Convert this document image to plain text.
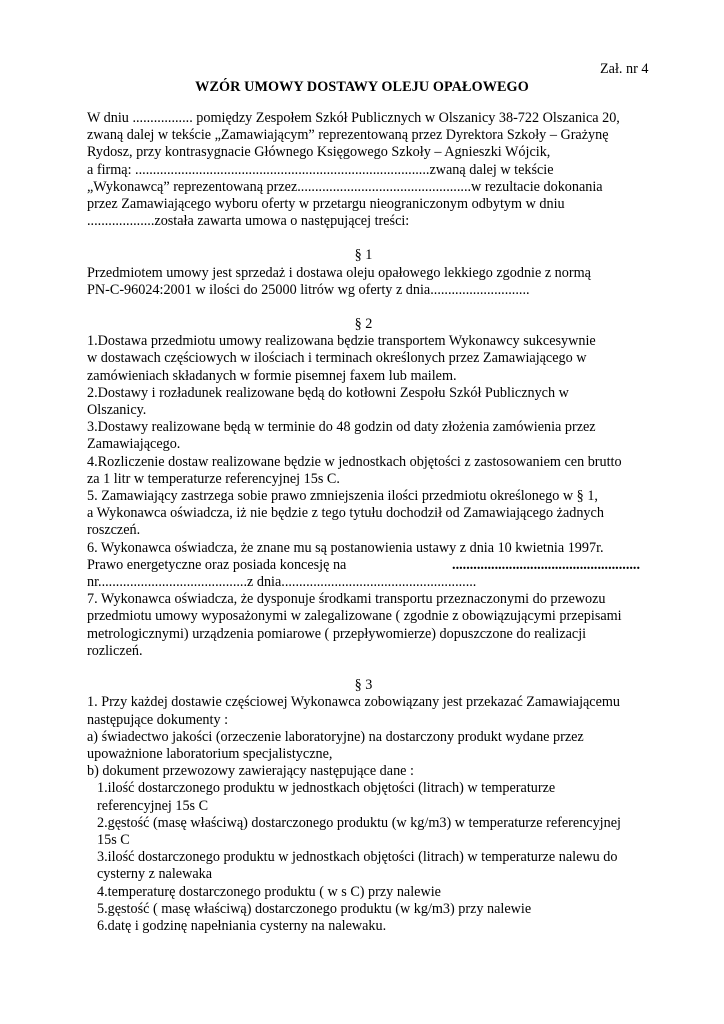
Zał. nr 4
WZÓR UMOWY DOSTAWY OLEJU OPAŁOWEGO

W dniu ................. pomiędzy Zespołem Szkół Publicznych w Olszanicy 38-722 Olszanica 20,

zwaną dalej w tekście „Zamawiającym” reprezentowaną przez Dyrektora Szkoły – Grażynę

Rydosz, przy kontrasygnacie Głównego Księgowego Szkoły – Agnieszki Wójcik,

a firmą: ...................................................................................zwaną dalej w tekście

„Wykonawcą” reprezentowaną przez.................................................w rezultacie dokonania

przez Zamawiającego wyboru oferty w przetargu nieograniczonym odbytym w dniu

...................została zawarta umowa o następującej treści:

§ 1

Przedmiotem umowy jest sprzedaż i dostawa oleju opałowego lekkiego zgodnie z normą

PN-C-96024:2001 w ilości do 25000 litrów wg oferty z dnia............................

§ 2

1.Dostawa przedmiotu umowy realizowana będzie transportem Wykonawcy sukcesywnie

w dostawach częściowych w ilościach i terminach określonych przez Zamawiającego w

zamówieniach składanych w formie pisemnej faxem lub mailem.

2.Dostawy i rozładunek realizowane będą do kotłowni Zespołu Szkół Publicznych w

Olszanicy.

3.Dostawy realizowane będą w terminie do 48 godzin od daty złożenia zamówienia przez

Zamawiającego.

4.Rozliczenie dostaw realizowane będzie w jednostkach objętości z zastosowaniem cen brutto

za 1 litr w temperaturze referencyjnej 15s C.

5. Zamawiający zastrzega sobie prawo zmniejszenia ilości przedmiotu określonego w § 1,

a Wykonawca oświadcza, iż nie będzie z tego tytułu dochodził od Zamawiającego żadnych

roszczeń.

6. Wykonawca oświadcza, że znane mu są postanowienia ustawy z dnia 10 kwietnia 1997r.

Prawo energetyczne oraz posiada koncesję na	.....................................................

nr..........................................z dnia.......................................................

7. Wykonawca oświadcza, że dysponuje środkami transportu przeznaczonymi do przewozu

przedmiotu umowy wyposażonymi w zalegalizowane ( zgodnie z obowiązującymi przepisami

metrologicznymi) urządzenia pomiarowe ( przepływomierze) dopuszczone do realizacji

rozliczeń.

§ 3

1. Przy każdej dostawie częściowej Wykonawca zobowiązany jest przekazać Zamawiającemu

następujące dokumenty :

a) świadectwo jakości (orzeczenie laboratoryjne) na dostarczony produkt wydane przez

upoważnione laboratorium specjalistyczne,

b) dokument przewozowy zawierający następujące dane :

1.ilość dostarczonego produktu w jednostkach objętości (litrach) w temperaturze

referencyjnej 15s C

2.gęstość (masę właściwą) dostarczonego produktu (w kg/m3) w temperaturze referencyjnej

15s C

3.ilość dostarczonego produktu w jednostkach objętości (litrach) w temperaturze nalewu do

cysterny z nalewaka

4.temperaturę dostarczonego produktu ( w s C) przy nalewie

5.gęstość ( masę właściwą) dostarczonego produktu (w kg/m3) przy nalewie

6.datę i godzinę napełniania cysterny na nalewaku.
